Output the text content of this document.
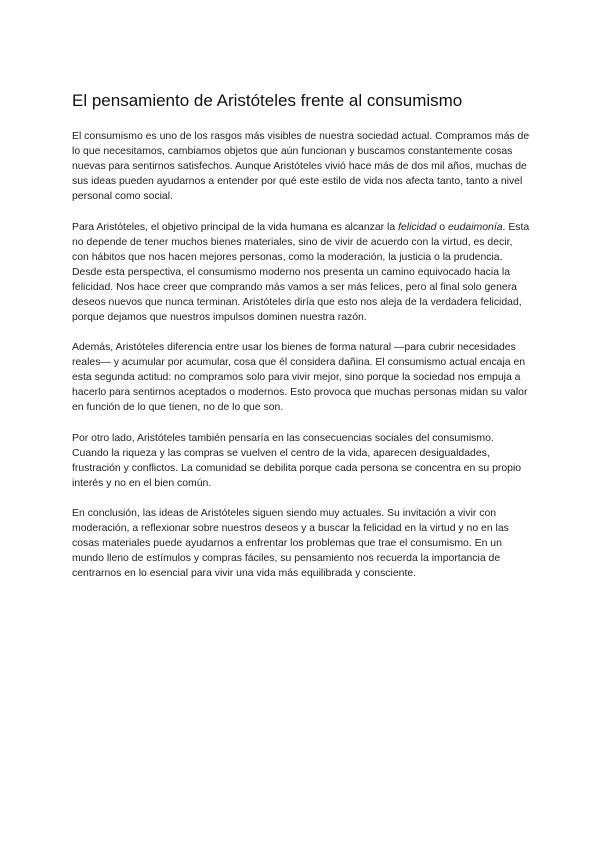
El pensamiento de Aristóteles frente al consumismo

El consumismo es uno de los rasgos más visibles de nuestra sociedad actual. Compramos más de lo que necesitamos, cambiamos objetos que aún funcionan y buscamos constantemente cosas nuevas para sentirnos satisfechos. Aunque Aristóteles vivió hace más de dos mil años, muchas de sus ideas pueden ayudarnos a entender por qué este estilo de vida nos afecta tanto, tanto a nivel personal como social.

Para Aristóteles, el objetivo principal de la vida humana es alcanzar la felicidad o eudaimonía. Esta no depende de tener muchos bienes materiales, sino de vivir de acuerdo con la virtud, es decir, con hábitos que nos hacen mejores personas, como la moderación, la justicia o la prudencia. Desde esta perspectiva, el consumismo moderno nos presenta un camino equivocado hacia la felicidad. Nos hace creer que comprando más vamos a ser más felices, pero al final solo genera deseos nuevos que nunca terminan. Aristóteles diría que esto nos aleja de la verdadera felicidad, porque dejamos que nuestros impulsos dominen nuestra razón.

Además, Aristóteles diferencia entre usar los bienes de forma natural —para cubrir necesidades reales— y acumular por acumular, cosa que él considera dañina. El consumismo actual encaja en esta segunda actitud: no compramos solo para vivir mejor, sino porque la sociedad nos empuja a hacerlo para sentirnos aceptados o modernos. Esto provoca que muchas personas midan su valor en función de lo que tienen, no de lo que son.

Por otro lado, Aristóteles también pensaría en las consecuencias sociales del consumismo. Cuando la riqueza y las compras se vuelven el centro de la vida, aparecen desigualdades, frustración y conflictos. La comunidad se debilita porque cada persona se concentra en su propio interés y no en el bien común.

En conclusión, las ideas de Aristóteles siguen siendo muy actuales. Su invitación a vivir con moderación, a reflexionar sobre nuestros deseos y a buscar la felicidad en la virtud y no en las cosas materiales puede ayudarnos a enfrentar los problemas que trae el consumismo. En un mundo lleno de estímulos y compras fáciles, su pensamiento nos recuerda la importancia de centrarnos en lo esencial para vivir una vida más equilibrada y consciente.
